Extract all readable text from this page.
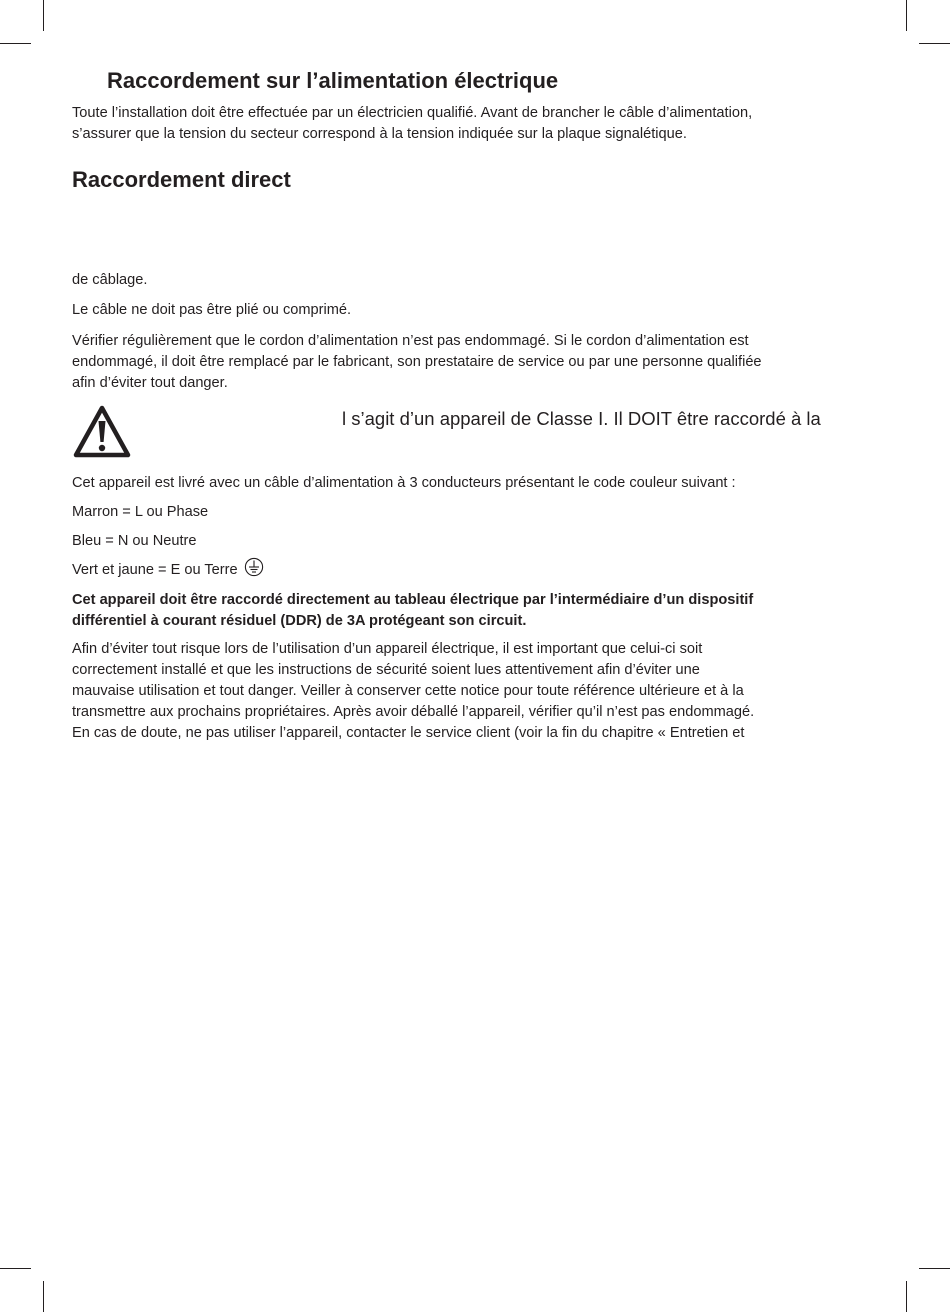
Raccordement sur l’alimentation électrique

Toute l’installation doit être effectuée par un électricien qualifié. Avant de brancher le câble d’alimentation,
s’assurer que la tension du secteur correspond à la tension indiquée sur la plaque signalétique.

Raccordement direct

de câblage.

Le câble ne doit pas être plié ou comprimé.

Vérifier régulièrement que le cordon d’alimentation n’est pas endommagé. Si le cordon d’alimentation est
endommagé, il doit être remplacé par le fabricant, son prestataire de service ou par une personne qualifiée
afin d’éviter tout danger.

l s’agit d’un appareil de Classe I. Il DOIT être raccordé à la

Cet appareil est livré avec un câble d’alimentation à 3 conducteurs présentant le code couleur suivant :

Marron = L ou Phase

Bleu = N ou Neutre

Vert et jaune = E ou Terre

Cet appareil doit être raccordé directement au tableau électrique par l’intermédiaire d’un dispositif
différentiel à courant résiduel (DDR) de 3A protégeant son circuit.

Afin d’éviter tout risque lors de l’utilisation d’un appareil électrique, il est important que celui-ci soit
correctement installé et que les instructions de sécurité soient lues attentivement afin d’éviter une
mauvaise utilisation et tout danger. Veiller à conserver cette notice pour toute référence ultérieure et à la
transmettre aux prochains propriétaires. Après avoir déballé l’appareil, vérifier qu’il n’est pas endommagé.
En cas de doute, ne pas utiliser l’appareil, contacter le service client (voir la fin du chapitre « Entretien et
